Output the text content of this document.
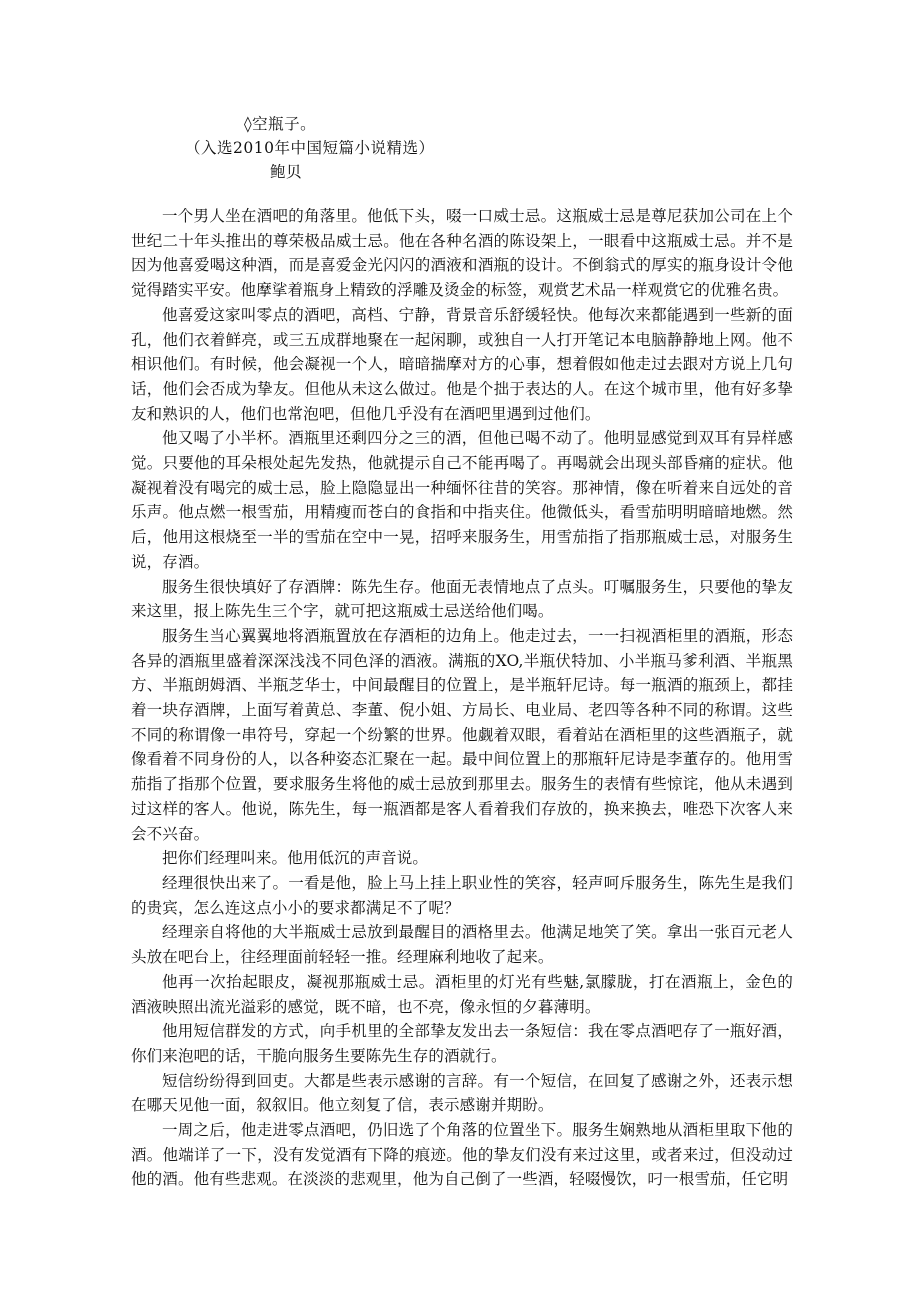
◊空瓶子。
（入选2010年中国短篇小说精选）
鲍贝

一个男人坐在酒吧的角落里。他低下头，啜一口威士忌。这瓶威士忌是尊尼获加公司在上个世纪二十年头推出的尊荣极品威士忌。他在各种名酒的陈设架上，一眼看中这瓶威士忌。并不是因为他喜爱喝这种酒，而是喜爱金光闪闪的酒液和酒瓶的设计。不倒翁式的厚实的瓶身设计令他觉得踏实平安。他摩挲着瓶身上精致的浮雕及烫金的标签，观赏艺术品一样观赏它的优雅名贵。

他喜爱这家叫零点的酒吧，高档、宁静，背景音乐舒缓轻快。他每次来都能遇到一些新的面孔，他们衣着鲜亮，或三五成群地聚在一起闲聊，或独自一人打开笔记本电脑静静地上网。他不相识他们。有时候，他会凝视一个人，暗暗揣摩对方的心事，想着假如他走过去跟对方说上几句话，他们会否成为挚友。但他从未这么做过。他是个拙于表达的人。在这个城市里，他有好多挚友和熟识的人，他们也常泡吧，但他几乎没有在酒吧里遇到过他们。

他又喝了小半杯。酒瓶里还剩四分之三的酒，但他已喝不动了。他明显感觉到双耳有异样感觉。只要他的耳朵根处起先发热，他就提示自己不能再喝了。再喝就会出现头部昏痛的症状。他凝视着没有喝完的威士忌，脸上隐隐显出一种缅怀往昔的笑容。那神情，像在听着来自远处的音乐声。他点燃一根雪茄，用精瘦而苍白的食指和中指夹住。他微低头，看雪茄明明暗暗地燃。然后，他用这根烧至一半的雪茄在空中一晃，招呼来服务生，用雪茄指了指那瓶威士忌，对服务生说，存酒。

服务生很快填好了存酒牌：陈先生存。他面无表情地点了点头。叮嘱服务生，只要他的挚友来这里，报上陈先生三个字，就可把这瓶威士忌送给他们喝。

服务生当心翼翼地将酒瓶置放在存酒柜的边角上。他走过去，一一扫视酒柜里的酒瓶，形态各异的酒瓶里盛着深深浅浅不同色泽的酒液。满瓶的XO,半瓶伏特加、小半瓶马爹利酒、半瓶黑方、半瓶朗姆酒、半瓶芝华士，中间最醒目的位置上，是半瓶轩尼诗。每一瓶酒的瓶颈上，都挂着一块存酒牌，上面写着黄总、李董、倪小姐、方局长、电业局、老四等各种不同的称谓。这些不同的称谓像一串符号，穿起一个纷繁的世界。他觑着双眼，看着站在酒柜里的这些酒瓶子，就像看着不同身份的人，以各种姿态汇聚在一起。最中间位置上的那瓶轩尼诗是李董存的。他用雪茄指了指那个位置，要求服务生将他的威士忌放到那里去。服务生的表情有些惊诧，他从未遇到过这样的客人。他说，陈先生，每一瓶酒都是客人看着我们存放的，换来换去，唯恐下次客人来会不兴奋。

把你们经理叫来。他用低沉的声音说。

经理很快出来了。一看是他，脸上马上挂上职业性的笑容，轻声呵斥服务生，陈先生是我们的贵宾，怎么连这点小小的要求都满足不了呢？

经理亲自将他的大半瓶威士忌放到最醒目的酒格里去。他满足地笑了笑。拿出一张百元老人头放在吧台上，往经理面前轻轻一推。经理麻利地收了起来。

他再一次抬起眼皮，凝视那瓶威士忌。酒柜里的灯光有些魅,氯朦胧，打在酒瓶上，金色的酒液映照出流光溢彩的感觉，既不暗，也不亮，像永恒的夕暮薄明。

他用短信群发的方式，向手机里的全部挚友发出去一条短信：我在零点酒吧存了一瓶好酒，你们来泡吧的话，干脆向服务生要陈先生存的酒就行。

短信纷纷得到回吏。大都是些表示感谢的言辞。有一个短信，在回复了感谢之外，还表示想在哪天见他一面，叙叙旧。他立刻复了信，表示感谢并期盼。

一周之后，他走进零点酒吧，仍旧选了个角落的位置坐下。服务生娴熟地从酒柜里取下他的酒。他端详了一下，没有发觉酒有下降的痕迹。他的挚友们没有来过这里，或者来过，但没动过他的酒。他有些悲观。在淡淡的悲观里，他为自己倒了一些酒，轻啜慢饮，叼一根雪茄，任它明
